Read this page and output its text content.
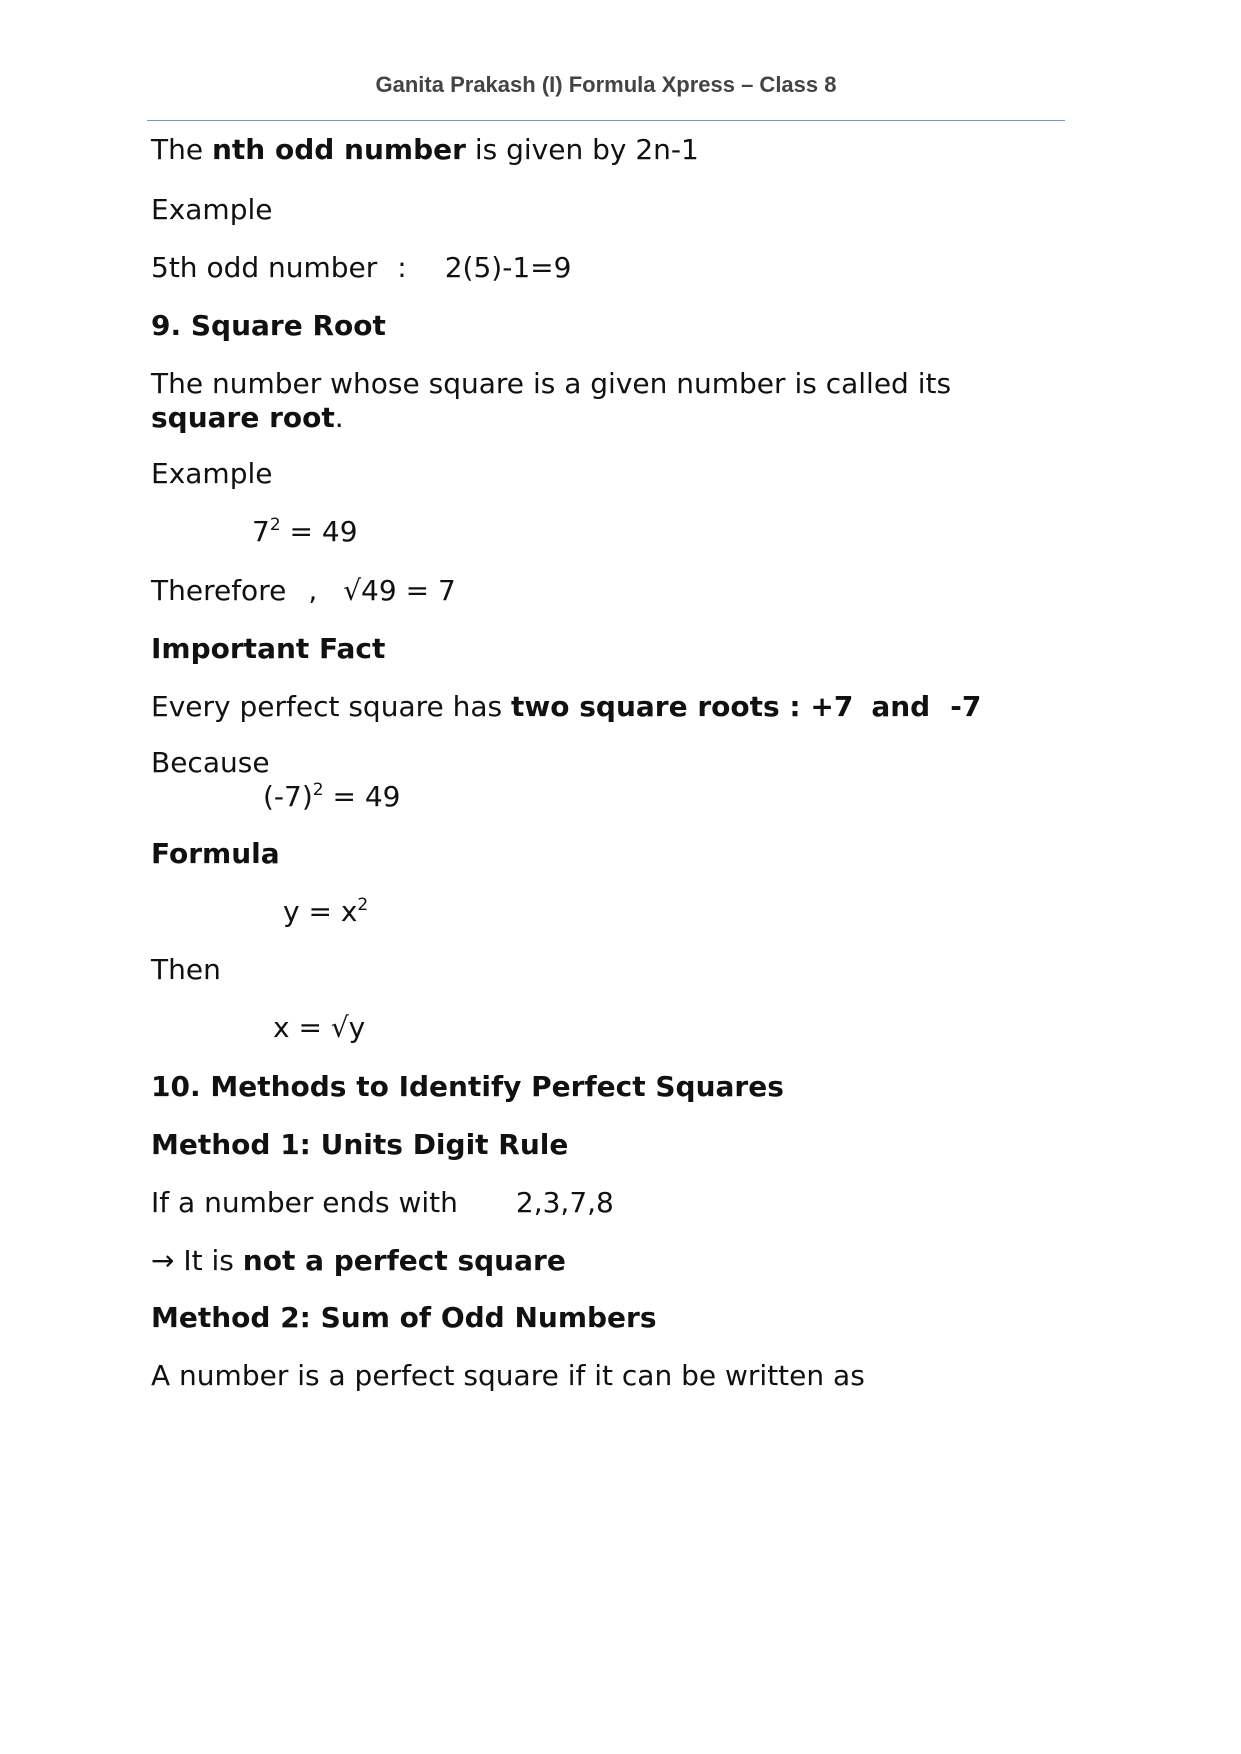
Ganita Prakash (I) Formula Xpress – Class 8
The nth odd number is given by 2n-1
Example
5th odd number : 2(5)-1=9
9. Square Root
The number whose square is a given number is called its
square root.
Example
$7^2 = 49$
Therefore , √49 = 7
Important Fact
Every perfect square has two square roots : +7 and -7
Because
$(-7)^2 = 49$
Formula
$y = x^2$
Then
x = √y
10. Methods to Identify Perfect Squares
Method 1: Units Digit Rule
If a number ends with 2,3,7,8
→ It is not a perfect square
Method 2: Sum of Odd Numbers
A number is a perfect square if it can be written as
